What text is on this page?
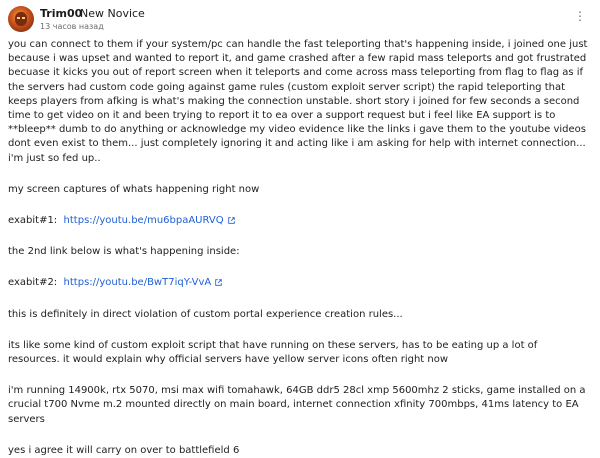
Trim00
New Novice
13 часов назад
⋮

you can connect to them if your system/pc can handle the fast teleporting that's happening inside, i joined one just because i was upset and wanted to report it, and game crashed after a few rapid mass teleports and got frustrated becuase it kicks you out of report screen when it teleports and come across mass teleporting from flag to flag as if the servers had custom code going against game rules (custom exploit server script) the rapid teleporting that keeps players from afking is what's making the connection unstable. short story i joined for few seconds a second time to get video on it and been trying to report it to ea over a support request but i feel like EA support is to **bleep** dumb to do anything or acknowledge my video evidence like the links i gave them to the youtube videos dont even exist to them... just completely ignoring it and acting like i am asking for help with internet connection... i'm just so fed up..

my screen captures of whats happening right now

exabit#1: https://youtu.be/mu6bpaAURVQ

the 2nd link below is what's happening inside:

exabit#2: https://youtu.be/BwT7iqY-VvA

this is definitely in direct violation of custom portal experience creation rules...

its like some kind of custom exploit script that have running on these servers, has to be eating up a lot of resources. it would explain why official servers have yellow server icons often right now

i'm running 14900k, rtx 5070, msi max wifi tomahawk, 64GB ddr5 28cl xmp 5600mhz 2 sticks, game installed on a crucial t700 Nvme m.2 mounted directly on main board, internet connection xfinity 700mbps, 41ms latency to EA servers

yes i agree it will carry on over to battlefield 6
